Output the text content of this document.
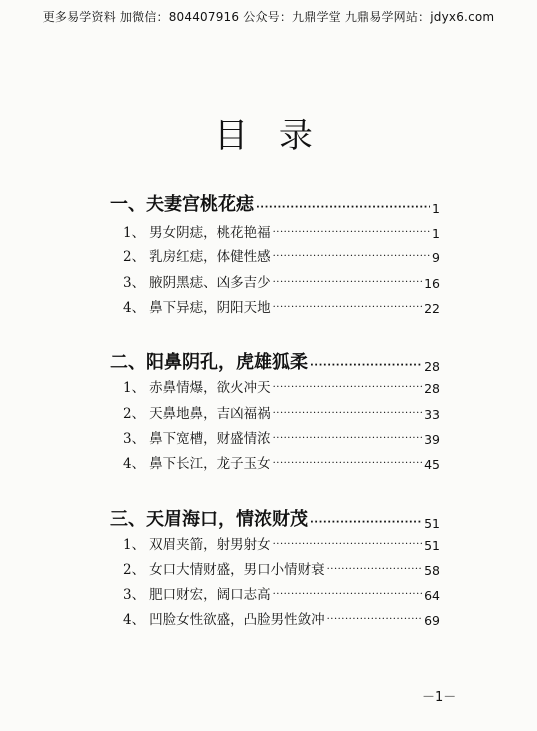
更多易学资料 加微信：804407916 公众号：九鼎学堂 九鼎易学网站：jdyx6.com
目 录
一、夫妻宫桃花痣 ·····	1
1、 男女阴痣，桃花艳福 ·····	1
2、 乳房红痣，体健性感 ·····	9
3、 腋阴黑痣、凶多吉少 ·····	16
4、 鼻下异痣，阴阳天地 ·····	22
二、阳鼻阴孔，虎雄狐柔 ·····	28
1、 赤鼻情爆，欲火冲天 ·····	28
2、 天鼻地鼻，吉凶福祸 ·····	33
3、 鼻下宽槽，财盛情浓 ·····	39
4、 鼻下长江，龙子玉女 ·····	45
三、天眉海口，情浓财茂 ·····	51
1、 双眉夹箭，射男射女 ·····	51
2、 女口大情财盛，男口小情财衰 ·····	58
3、 肥口财宏，阔口志高 ·····	64
4、 凹脸女性欲盛，凸脸男性敛冲 ·····	69
－1－
